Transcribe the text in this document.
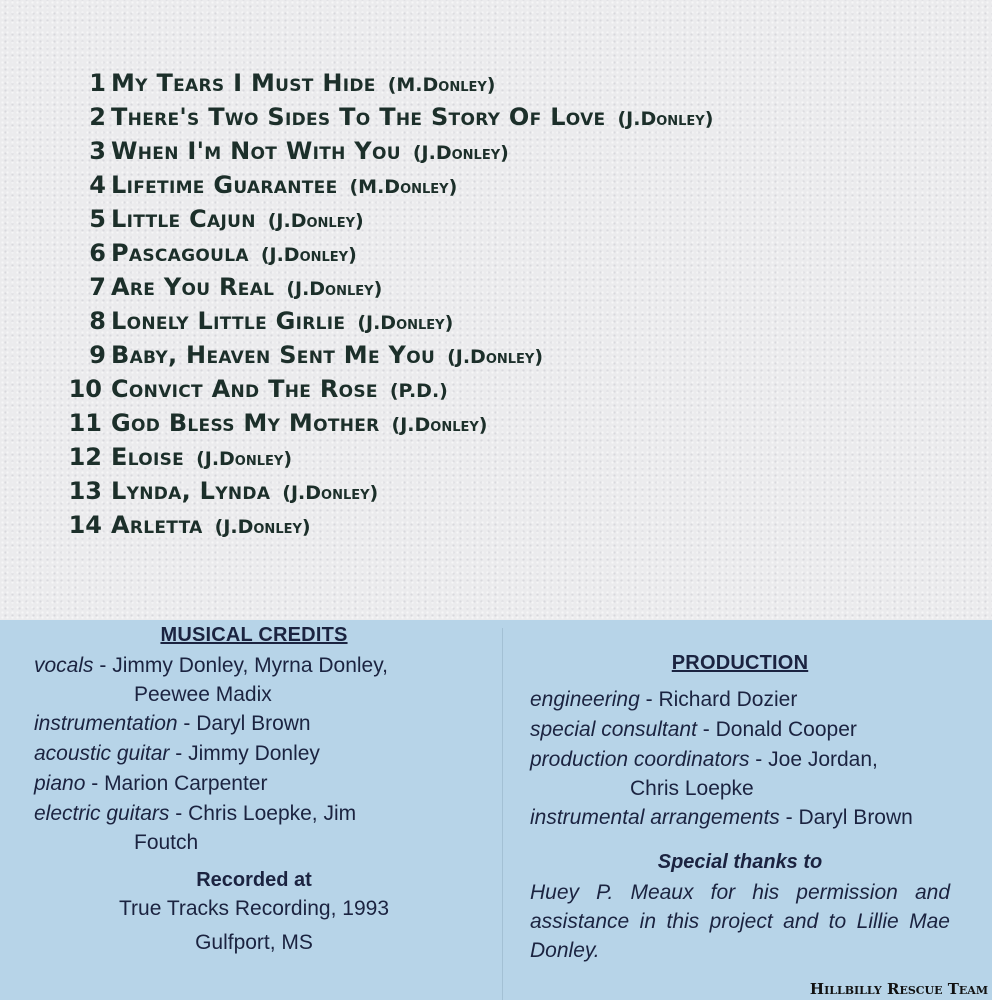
1 My Tears I Must Hide (M.Donley)
2 There's Two Sides To The Story Of Love (J.Donley)
3 When I'm Not With You (J.Donley)
4 Lifetime Guarantee (M.Donley)
5 Little Cajun (J.Donley)
6 Pascagoula (J.Donley)
7 Are You Real (J.Donley)
8 Lonely Little Girlie (J.Donley)
9 Baby, Heaven Sent Me You (J.Donley)
10 Convict And The Rose (P.D.)
11 God Bless My Mother (J.Donley)
12 Eloise (J.Donley)
13 Lynda, Lynda (J.Donley)
14 Arletta (J.Donley)
MUSICAL CREDITS
vocals - Jimmy Donley, Myrna Donley,
Peewee Madix
instrumentation - Daryl Brown
acoustic guitar - Jimmy Donley
piano - Marion Carpenter
electric guitars - Chris Loepke, Jim
Foutch
Recorded at
True Tracks Recording, 1993
Gulfport, MS
PRODUCTION
engineering - Richard Dozier
special consultant - Donald Cooper
production coordinators - Joe Jordan,
Chris Loepke
instrumental arrangements - Daryl Brown
Special thanks to
Huey P. Meaux for his permission and assistance in this project and to Lillie Mae Donley.
Hillbilly Rescue Team
